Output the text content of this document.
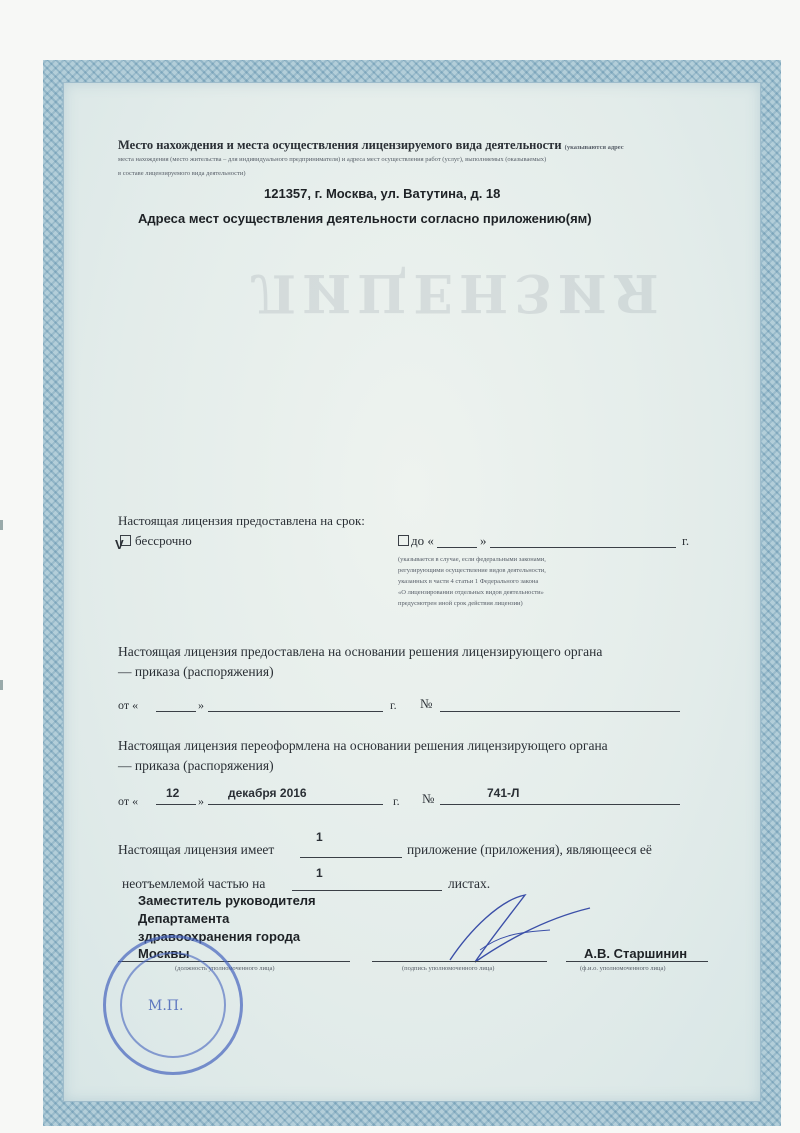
ЛИЦЕНЗИЯ
Место нахождения и места осуществления лицензируемого вида деятельности (указываются адрес
места нахождения (место жительства – для индивидуального предпринимателя) и адреса мест осуществления работ (услуг), выполняемых (оказываемых)
в составе лицензируемого вида деятельности)
121357, г. Москва, ул. Ватутина, д. 18
Адреса мест осуществления деятельности согласно приложению(ям)
Настоящая лицензия предоставлена на срок:
V бессрочно	до «	»	г.
(указывается в случае, если федеральными законами,
регулирующими осуществление видов деятельности,
указанных в части 4 статьи 1 Федерального закона
«О лицензировании отдельных видов деятельности»
предусмотрен иной срок действия лицензии)
Настоящая лицензия предоставлена на основании решения лицензирующего органа
— приказа (распоряжения)
от «	»	г. №
Настоящая лицензия переоформлена на основании решения лицензирующего органа
— приказа (распоряжения)
от «
12
»
декабря 2016
г. №	741-Л
Настоящая лицензия имеет
1
приложение (приложения), являющееся её
неотъемлемой частью на
1
листах.
Заместитель руководителя
Департамента
здравоохранения города
Москвы
(должность уполномоченного лица)	(подпись уполномоченного лица)
А.В. Старшинин
(ф.и.о. уполномоченного лица)
М.П.
